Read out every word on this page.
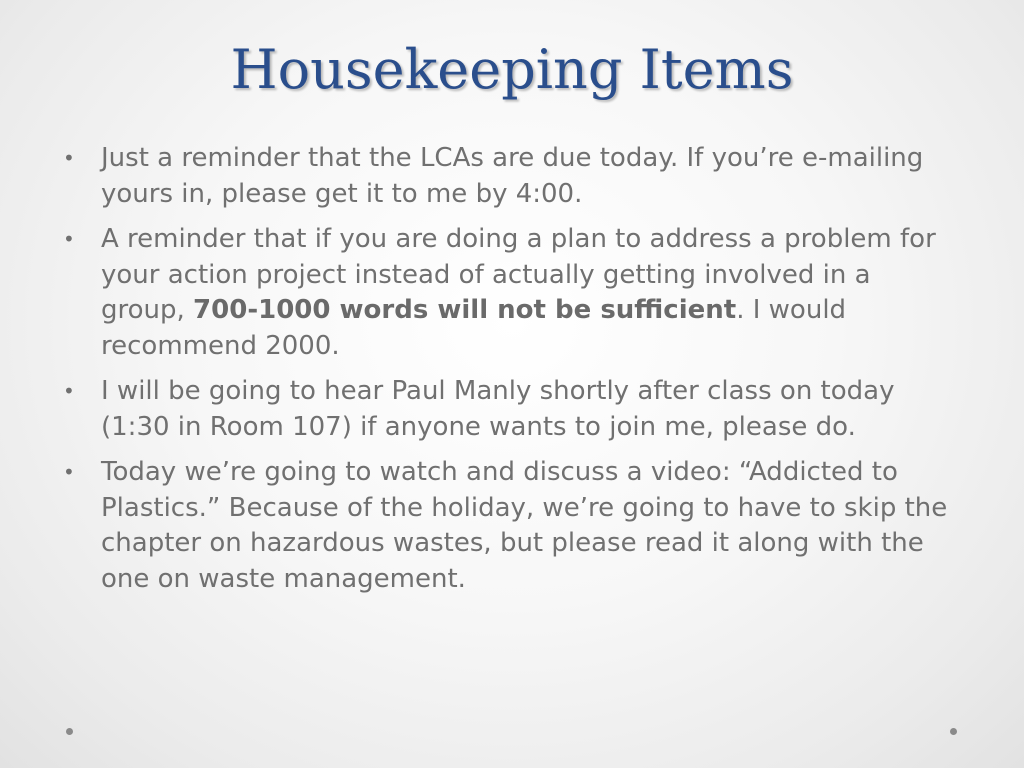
Housekeeping Items
• Just a reminder that the LCAs are due today. If you’re e-mailing yours in, please get it to me by 4:00.
• A reminder that if you are doing a plan to address a problem for your action project instead of actually getting involved in a group, 700-1000 words will not be sufficient. I would recommend 2000.
• I will be going to hear Paul Manly shortly after class on today (1:30 in Room 107) if anyone wants to join me, please do.
• Today we’re going to watch and discuss a video: “Addicted to Plastics.” Because of the holiday, we’re going to have to skip the chapter on hazardous wastes, but please read it along with the one on waste management.
